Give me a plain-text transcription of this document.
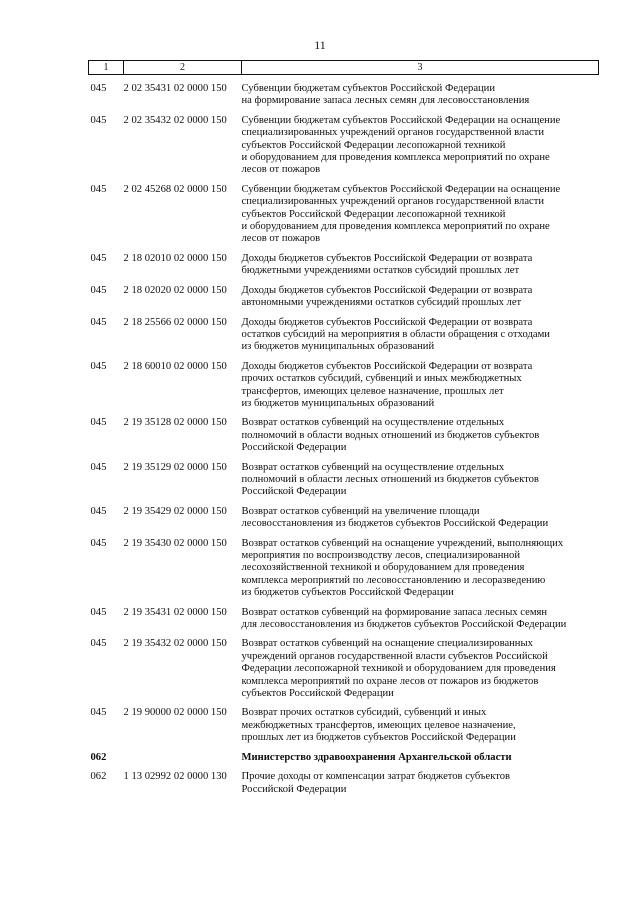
11
1	2	3
045	2 02 35431 02 0000 150	Субвенции бюджетам субъектов Российской Федерации
на формирование запаса лесных семян для лесовосстановления

045	2 02 35432 02 0000 150	Субвенции бюджетам субъектов Российской Федерации на оснащение
специализированных учреждений органов государственной власти
субъектов Российской Федерации лесопожарной техникой
и оборудованием для проведения комплекса мероприятий по охране
лесов от пожаров

045	2 02 45268 02 0000 150	Субвенции бюджетам субъектов Российской Федерации на оснащение
специализированных учреждений органов государственной власти
субъектов Российской Федерации лесопожарной техникой
и оборудованием для проведения комплекса мероприятий по охране
лесов от пожаров

045	2 18 02010 02 0000 150	Доходы бюджетов субъектов Российской Федерации от возврата
бюджетными учреждениями остатков субсидий прошлых лет

045	2 18 02020 02 0000 150	Доходы бюджетов субъектов Российской Федерации от возврата
автономными учреждениями остатков субсидий прошлых лет

045	2 18 25566 02 0000 150	Доходы бюджетов субъектов Российской Федерации от возврата
остатков субсидий на мероприятия в области обращения с отходами
из бюджетов муниципальных образований

045	2 18 60010 02 0000 150	Доходы бюджетов субъектов Российской Федерации от возврата
прочих остатков субсидий, субвенций и иных межбюджетных
трансфертов, имеющих целевое назначение, прошлых лет
из бюджетов муниципальных образований

045	2 19 35128 02 0000 150	Возврат остатков субвенций на осуществление отдельных
полномочий в области водных отношений из бюджетов субъектов
Российской Федерации

045	2 19 35129 02 0000 150	Возврат остатков субвенций на осуществление отдельных
полномочий в области лесных отношений из бюджетов субъектов
Российской Федерации

045	2 19 35429 02 0000 150	Возврат остатков субвенций на увеличение площади
лесовосстановления из бюджетов субъектов Российской Федерации

045	2 19 35430 02 0000 150	Возврат остатков субвенций на оснащение учреждений, выполняющих
мероприятия по воспроизводству лесов, специализированной
лесохозяйственной техникой и оборудованием для проведения
комплекса мероприятий по лесовосстановлению и лесоразведению
из бюджетов субъектов Российской Федерации

045	2 19 35431 02 0000 150	Возврат остатков субвенций на формирование запаса лесных семян
для лесовосстановления из бюджетов субъектов Российской Федерации

045	2 19 35432 02 0000 150	Возврат остатков субвенций на оснащение специализированных
учреждений органов государственной власти субъектов Российской
Федерации лесопожарной техникой и оборудованием для проведения
комплекса мероприятий по охране лесов от пожаров из бюджетов
субъектов Российской Федерации

045	2 19 90000 02 0000 150	Возврат прочих остатков субсидий, субвенций и иных
межбюджетных трансфертов, имеющих целевое назначение,
прошлых лет из бюджетов субъектов Российской Федерации

062		Министерство здравоохранения Архангельской области

062	1 13 02992 02 0000 130	Прочие доходы от компенсации затрат бюджетов субъектов
Российской Федерации
